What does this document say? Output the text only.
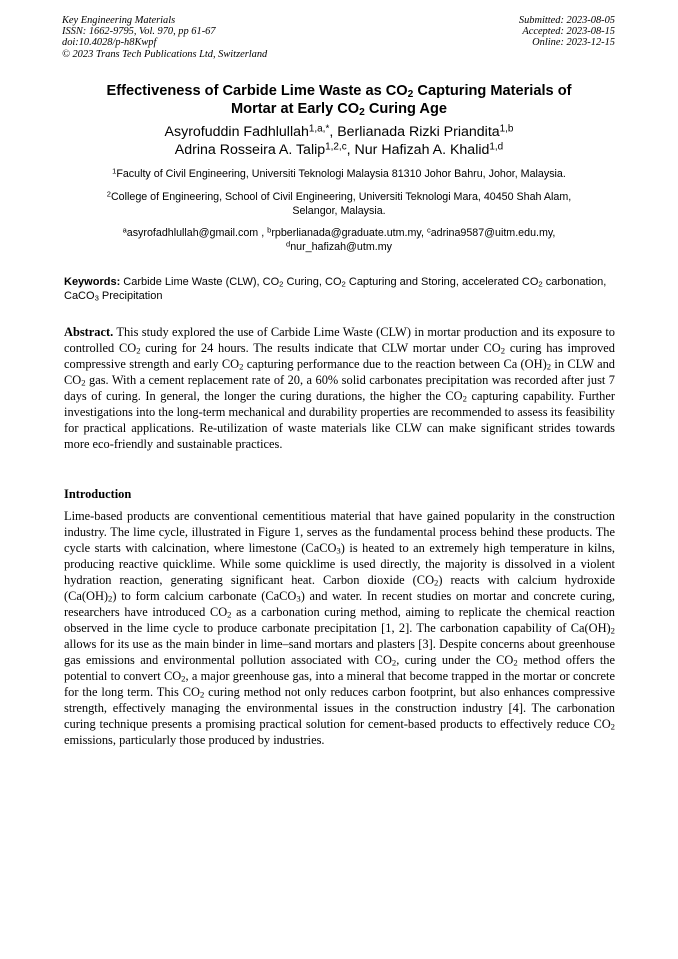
Key Engineering Materials
ISSN: 1662-9795, Vol. 970, pp 61-67
doi:10.4028/p-h8Kwpf
© 2023 Trans Tech Publications Ltd, Switzerland
Submitted: 2023-08-05
Accepted: 2023-08-15
Online: 2023-12-15
Effectiveness of Carbide Lime Waste as $CO_2$ Capturing Materials of
Mortar at Early $CO_2$ Curing Age
Asyrofuddin Fadhlullah$^{1,a,*}$, Berlianada Rizki Priandita$^{1,b}$
Adrina Rosseira A. Talip$^{1,2,c}$, Nur Hafizah A. Khalid$^{1,d}$
$^1$Faculty of Civil Engineering, Universiti Teknologi Malaysia 81310 Johor Bahru, Johor, Malaysia.
$^2$College of Engineering, School of Civil Engineering, Universiti Teknologi Mara, 40450 Shah Alam,
Selangor, Malaysia.
$^a$asyrofadhlullah@gmail.com , $^b$rpberlianada@graduate.utm.my, $^c$adrina9587@uitm.edu.my,
$^d$nur_hafizah@utm.my
Keywords: Carbide Lime Waste (CLW), $CO_2$ Curing, $CO_2$ Capturing and Storing, accelerated $CO_2$ carbonation, CaCO$_3$ Precipitation
Abstract. This study explored the use of Carbide Lime Waste (CLW) in mortar production and its exposure to controlled $CO_2$ curing for 24 hours. The results indicate that CLW mortar under $CO_2$ curing has improved compressive strength and early $CO_2$ capturing performance due to the reaction between Ca $(OH)_2$ in CLW and $CO_2$ gas. With a cement replacement rate of 20, a 60% solid carbonates precipitation was recorded after just 7 days of curing. In general, the longer the curing durations, the higher the $CO_2$ capturing capability. Further investigations into the long-term mechanical and durability properties are recommended to assess its feasibility for practical applications. Re-utilization of waste materials like CLW can make significant strides towards more eco-friendly and sustainable practices.
Introduction

Lime-based products are conventional cementitious material that have gained popularity in the construction industry. The lime cycle, illustrated in Figure 1, serves as the fundamental process behind these products. The cycle starts with calcination, where limestone (CaCO$_3$) is heated to an extremely high temperature in kilns, producing reactive quicklime. While some quicklime is used directly, the majority is dissolved in a violent hydration reaction, generating significant heat. Carbon dioxide $(CO_2)$ reacts with calcium hydroxide $(Ca(OH)_2)$ to form calcium carbonate (CaCO$_3$) and water. In recent studies on mortar and concrete curing, researchers have introduced $CO_2$ as a carbonation curing method, aiming to replicate the chemical reaction observed in the lime cycle to produce carbonate precipitation [1, 2]. The carbonation capability of $Ca(OH)_2$ allows for its use as the main binder in lime–sand mortars and plasters [3]. Despite concerns about greenhouse gas emissions and environmental pollution associated with $CO_2$, curing under the $CO_2$ method offers the potential to convert $CO_2$, a major greenhouse gas, into a mineral that become trapped in the mortar or concrete for the long term. This $CO_2$ curing method not only reduces carbon footprint, but also enhances compressive strength, effectively managing the environmental issues in the construction industry [4]. The carbonation curing technique presents a promising practical solution for cement-based products to effectively reduce $CO_2$ emissions, particularly those produced by industries.
